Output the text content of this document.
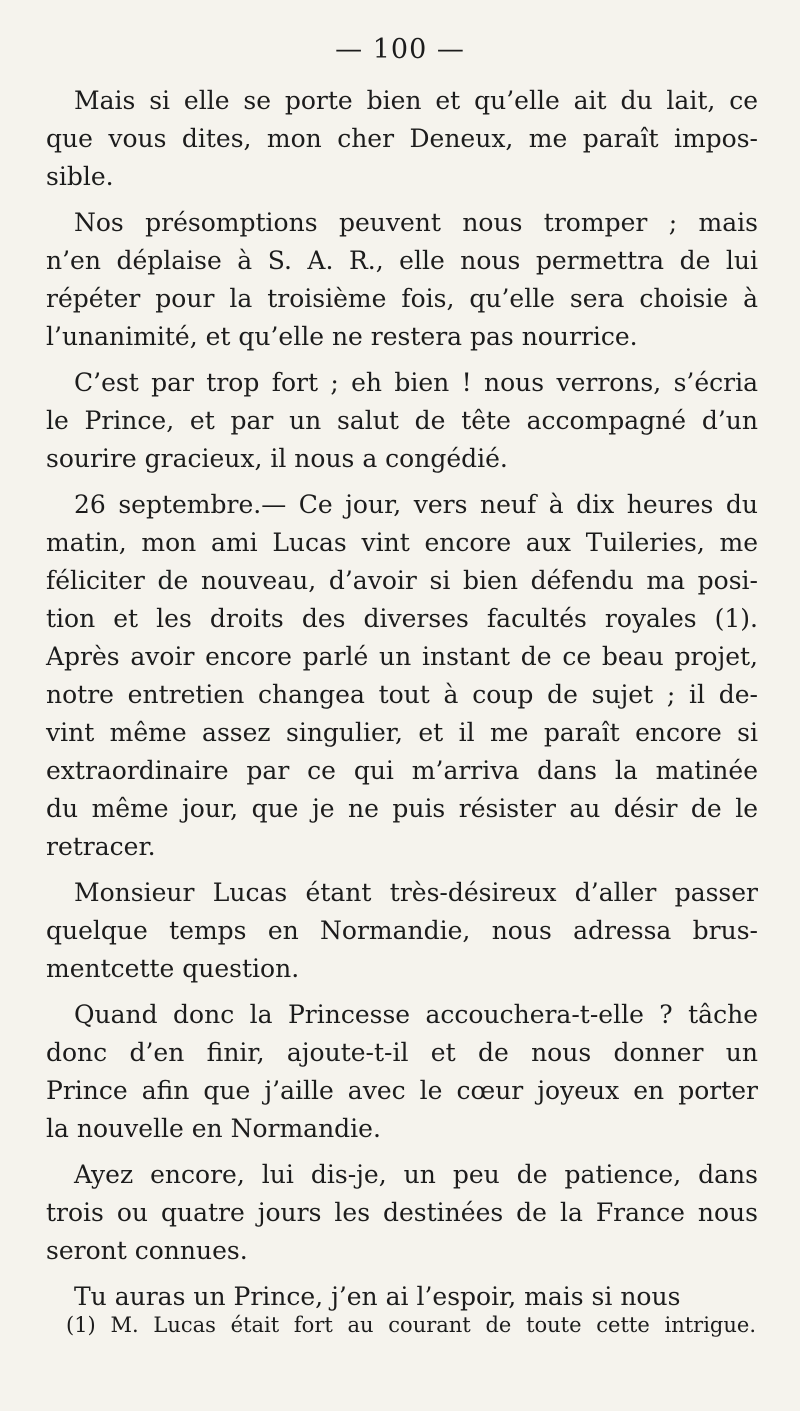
— 100 —
Mais si elle se porte bien et qu’elle ait du lait, ce
que vous dites, mon cher Deneux, me paraît impos-
sible.
Nos présomptions peuvent nous tromper ; mais
n’en déplaise à S. A. R., elle nous permettra de lui
répéter pour la troisième fois, qu’elle sera choisie à
l’unanimité, et qu’elle ne restera pas nourrice.
C’est par trop fort ; eh bien ! nous verrons, s’écria
le Prince, et par un salut de tête accompagné d’un
sourire gracieux, il nous a congédié.
26 septembre.— Ce jour, vers neuf à dix heures du
matin, mon ami Lucas vint encore aux Tuileries, me
féliciter de nouveau, d’avoir si bien défendu ma posi-
tion et les droits des diverses facultés royales (1).
Après avoir encore parlé un instant de ce beau projet,
notre entretien changea tout à coup de sujet ; il de-
vint même assez singulier, et il me paraît encore si
extraordinaire par ce qui m’arriva dans la matinée
du même jour, que je ne puis résister au désir de le
retracer.
Monsieur Lucas étant très-désireux d’aller passer
quelque temps en Normandie, nous adressa brus-
mentcette question.
Quand donc la Princesse accouchera-t-elle ? tâche
donc d’en finir, ajoute-t-il et de nous donner un
Prince afin que j’aille avec le cœur joyeux en porter
la nouvelle en Normandie.
Ayez encore, lui dis-je, un peu de patience, dans
trois ou quatre jours les destinées de la France nous
seront connues.
Tu auras un Prince, j’en ai l’espoir, mais si nous
(1) M. Lucas était fort au courant de toute cette intrigue.
